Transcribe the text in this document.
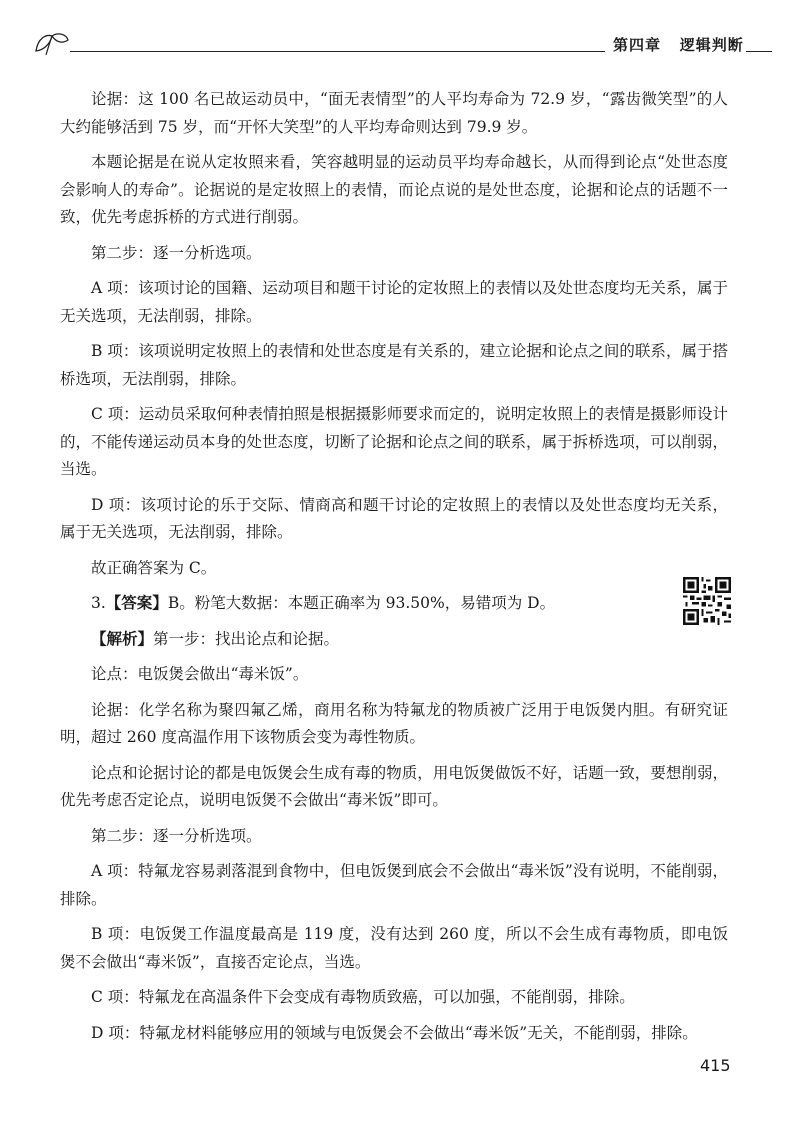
第四章 逻辑判断

论据：这 100 名已故运动员中，“面无表情型”的人平均寿命为 72.9 岁，“露齿微笑型”的人大约能够活到 75 岁，而“开怀大笑型”的人平均寿命则达到 79.9 岁。

本题论据是在说从定妆照来看，笑容越明显的运动员平均寿命越长，从而得到论点“处世态度会影响人的寿命”。论据说的是定妆照上的表情，而论点说的是处世态度，论据和论点的话题不一致，优先考虑拆桥的方式进行削弱。

第二步：逐一分析选项。

A 项：该项讨论的国籍、运动项目和题干讨论的定妆照上的表情以及处世态度均无关系，属于无关选项，无法削弱，排除。

B 项：该项说明定妆照上的表情和处世态度是有关系的，建立论据和论点之间的联系，属于搭桥选项，无法削弱，排除。

C 项：运动员采取何种表情拍照是根据摄影师要求而定的，说明定妆照上的表情是摄影师设计的，不能传递运动员本身的处世态度，切断了论据和论点之间的联系，属于拆桥选项，可以削弱，当选。

D 项：该项讨论的乐于交际、情商高和题干讨论的定妆照上的表情以及处世态度均无关系，属于无关选项，无法削弱，排除。

故正确答案为 C。

3.【答案】B。粉笔大数据：本题正确率为 93.50%，易错项为 D。

【解析】第一步：找出论点和论据。

论点：电饭煲会做出“毒米饭”。

论据：化学名称为聚四氟乙烯，商用名称为特氟龙的物质被广泛用于电饭煲内胆。有研究证明，超过 260 度高温作用下该物质会变为毒性物质。

论点和论据讨论的都是电饭煲会生成有毒的物质，用电饭煲做饭不好，话题一致，要想削弱，优先考虑否定论点，说明电饭煲不会做出“毒米饭”即可。

第二步：逐一分析选项。

A 项：特氟龙容易剥落混到食物中，但电饭煲到底会不会做出“毒米饭”没有说明，不能削弱，排除。

B 项：电饭煲工作温度最高是 119 度，没有达到 260 度，所以不会生成有毒物质，即电饭煲不会做出“毒米饭”，直接否定论点，当选。

C 项：特氟龙在高温条件下会变成有毒物质致癌，可以加强，不能削弱，排除。

D 项：特氟龙材料能够应用的领域与电饭煲会不会做出“毒米饭”无关，不能削弱，排除。

415
